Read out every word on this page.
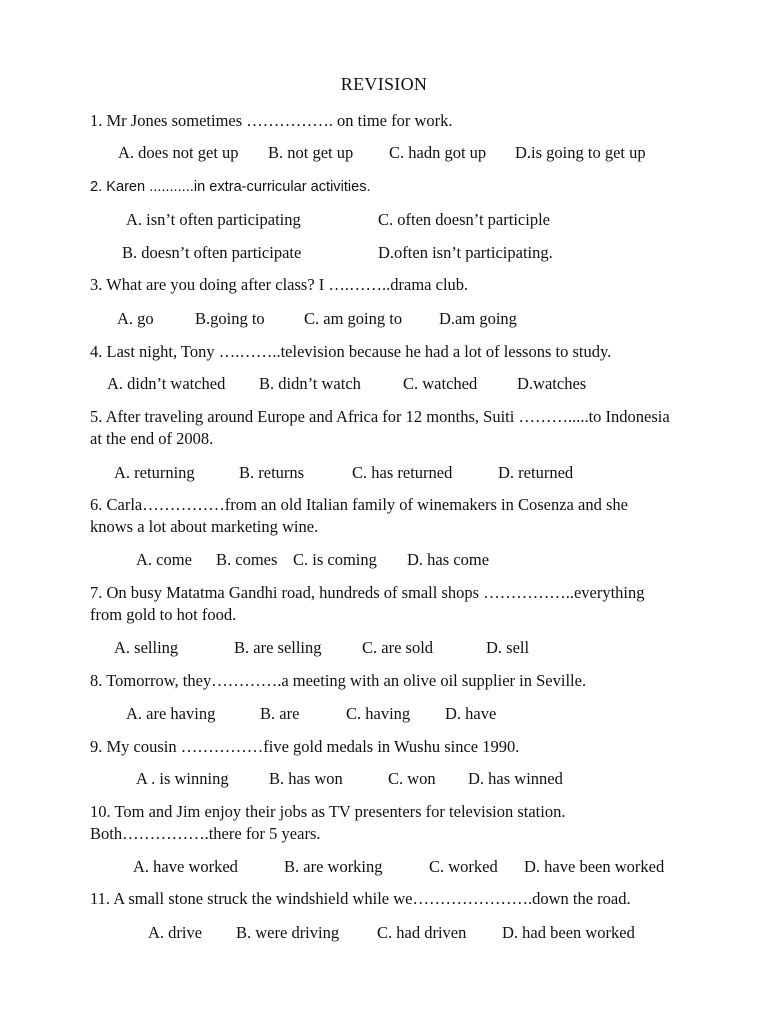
REVISION
1. Mr Jones sometimes ……………. on time for work.
A. does not get up B. not get up C. hadn got up D.is going to get up
2. Karen ...........in extra-curricular activities.
A. isn’t often participating	C. often doesn’t participle
B. doesn’t often participate	D.often isn’t participating.
3. What are you doing after class? I ….……..drama club.
A. go	B.going to C. am going to D.am going
4. Last night, Tony ….……..television because he had a lot of lessons to study.
A. didn’t watched B. didn’t watch	C. watched D.watches
5. After traveling around Europe and Africa for 12 months, Suiti ……….....to Indonesia
at the end of 2008.
A. returning	B. returns	C. has returned	D. returned
6. Carla……………from an old Italian family of winemakers in Cosenza and she
knows a lot about marketing wine.
A. come B. comes C. is coming D. has come
7. On busy Matatma Gandhi road, hundreds of small shops ……………..everything
from gold to hot food.
A. selling	B. are selling C. are sold	D. sell
8. Tomorrow, they………….a meeting with an olive oil supplier in Seville.
A. are having	B. are	C. having D. have
9. My cousin ……………five gold medals in Wushu since 1990.
A . is winning B. has won	C. won D. has winned
10. Tom and Jim enjoy their jobs as TV presenters for television station.
Both…………….there for 5 years.
A. have worked	B. are working	C. worked D. have been worked
11. A small stone struck the windshield while we………………….down the road.
A. drive B. were driving C. had driven D. had been worked
